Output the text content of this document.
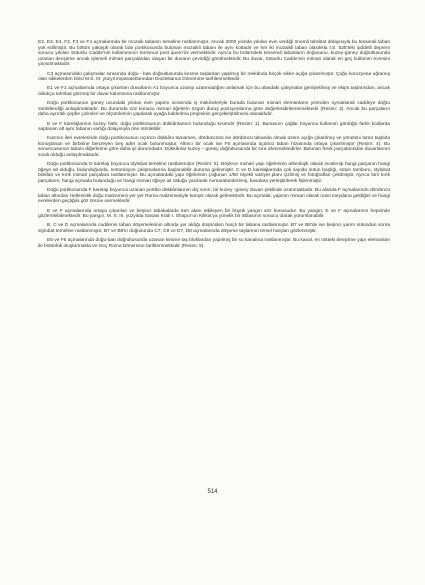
E2, E3, E4, F2, F3 ve F4 açmalarında bir mozaik tabanın temeline rastlanmıştır. Ancak 2000 yılında yıkılan evin verdiği önemli tahribat dolayısıyla bu tesserali taban yok edilmiştir. Bu bölüm yakaşık olarak batı portikosunda bulunan mozaikli tabanı ile aynı kottadır ve her iki mozaikli taban olasılıkla İ.S. 525’teki şiddetli deprem sonucu yıkılan Sütunlu Cadde’nin kullanımının terminus post quem’ini vermektedir. Ayrıca bu bölümdeki tesserali tabanların doğusunu, kuzey-güney doğrultusunda uzanan devşirme ancak işlemeli mimari parçalardan oluşan bir duvarın çevirdiği görülmektedir. Bu duvar, Sütunlu Cadde’nin mimari olarak en geç kullanım evresini yansıtmaktadır.

C3 açmasındaki çalışmalar sırasında doğu - batı doğrultusunda kesme taşlardan yapılmış bir mekânda birçok sikke açığa çıkarılmıştır. Çoğu korozyona uğramış olan sikkelerden birisi M.S. III. yüzyıl imparatorlarından Diocletianus Dönemine tarihlenmektedir.

E1 ve F1 açmalarında ortaya çıkarılan duvarların A1 boyunca uzanıp uzanmadığını anlamak için bu alandaki çalışmalar genişletilmiş ve ekips taşlarından, ancak oldukça tahribat görmüş bir duvar kalıntısına rastlanmıştır.

Doğu portikosunun güney ucundaki yıkılan evin yapımı sırasında iş makineleriyle burada bulunan mimari elemanların yerinden oynatılarak caddeye doğru sürüklendiği anlaşılmaktadır. Bu durumda söz konusu mimari öğelerin özgün duruş pozisyonlarına göre değerlendirilememektedir (Resim: 3). Ancak bu parçaların daha ayrıntılı çephe çizimleri ve ölçümlerinin yapılarak ayağa kaldırılma projesinin gerçekleştirilmesi olanaklıdır.

E ve F karelajlarının kuzey hattı, doğu portikosunun dükkânlarının bulunduğu kısımdır (Resim: 1). Burasının çağlar boyunca kullanım gördüğü farklı kodlarda saptanan alt aynı tabanın varlığı dolayısıyla öne sürülebilir.

Kazının ileri evrelerinde doğu portikosunun üçüncü dükkânı tamamen, dördüncüsü ise dördüncü tabanda olmak üzere açığa çıkarılmış ve yönetimi tümü taşlarla konuşlanan ve birbirine benzeyen beş adet ocak bulunmuştur. Altıncı bir ocak ise F6 açmasında üçüncü taban hizasında ortaya çıkarılmıştır (Resim: 4). Bu sonuncusunun tabanı diğerlerine göre daha iyi durumdadır. Dükkânlar kuzey – güney doğrultusunda bir sıra izlenmektedirler. Bulunan fresk parçalarından duvarlarının sıvalı olduğu anlaşılmaktadır.

Doğu portikosunda D karelajı boyunca stylobat temeline rastlanmıştır (Resim: 5). Böylece mimari yapı öğelerinin arkeolojik olarak incelenip hangi parçanın hangi öğeye ait olduğu, bulunduğunda, restorasyon çalışmalarına başlanabilir duruma gelinmiştir. C ve D karelajlarında çok sayıda sütun başlığı, sütun tamburu, stylobat blokları ve kırık mimari parçalara rastlanmıştır. Bu açmalardaki yapı öğelerinin çoğunun 1/50 ölçekli vaziyet planı çizilmiş ve fotoğrafları çekilmiştir. Ayrıca tüm kırık parçaların, hangi açmada bulunduğu ve hangi mimari öğeye ait olduğu yazılarak numaralandırılmış, kasalara yerleştirilerek fişlenmiştir.

Doğu portikosunda F karelajı boyunca uzanan portiko dükkânlarının dış sınırı, bir kuzey -güney duvarı şeklinde uzanmaktadır. Bu alanda F açmalarında dördüncü taban altından Hellenistik doğu malzemesi yer yer Roma malzemesiyle karışık olarak gelmektedir. Bu açmalar, yapının mimari olarak nasıl meydana geldiğini ve hangi evrelerden geçtiğini göz önüne sermektedir.

E ve F açmalarında ortaya çıkarılan ve beşinci tabakalarda tüm alanı etkileyen bir büyük yangın söz konusudur. Bu yangın, E ve F açmalarının hepsinde gözlemlebilmektedir. Bu yangın, M. S. III. yüzyılda Sasani Kralı I. Shapur’un Kilikia’ya yönelik bir istilasının sonucu olarak yorumlanabilir.

B, C ve D açmalarında caddenin taban döşemelerinin altında yer aldığı düşünülen harçlı bir tabana rastlanmıştır. B7 ve B8’de ise beşinci yarım sütundan sonra stylobat temeline rastlanmıştır. B7 ve B8’in doğusunda C7, C8 ve D7, D8 açmalarında döşeme taşlarının temel harçları gözlenmiştir.

E6 ve F6 açmalarında doğu-batı doğrultusunda uzanan kesme taş bloklardan yapılmış bir su kanalına rastlanmıştır. Bu kanal, en üstteki devşirme yapı elemanları ile bütünlük oluşturmakta ve Geç Roma Dönemine tarihlenmektedir (Resim: 5).

514
